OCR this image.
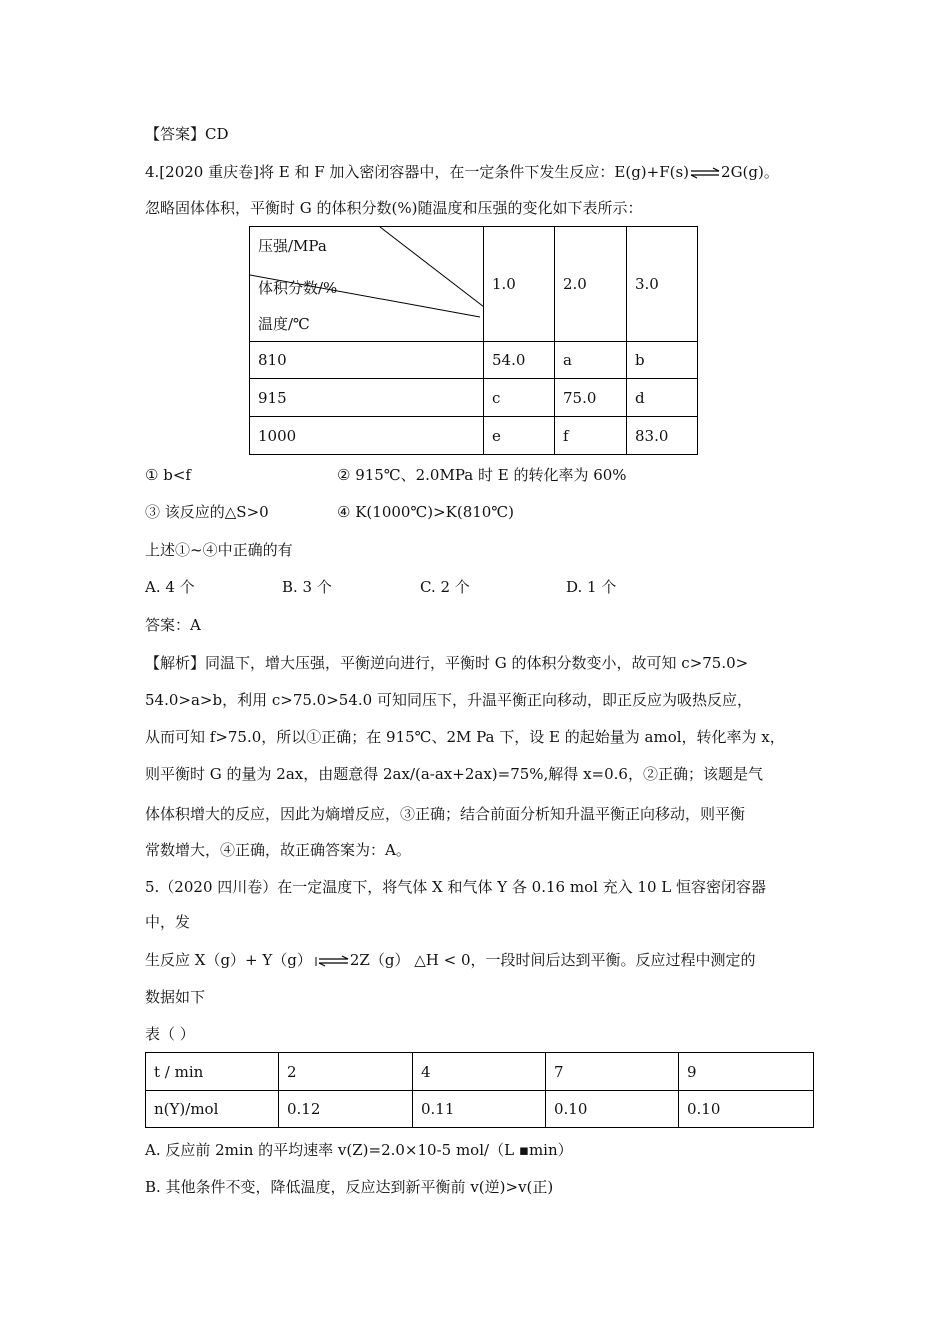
【答案】CD
4.[2020 重庆卷]将 E 和 F 加入密闭容器中，在一定条件下发生反应：E(g)+F(s)⇌2G(g)。
忽略固体体积，平衡时 G 的体积分数(%)随温度和压强的变化如下表所示：
压强/MPa
体积分数/%
温度/℃	1.0	2.0	3.0
810	54.0	a	b
915	c	75.0	d
1000	e	f	83.0
① b<f	② 915℃、2.0MPa 时 E 的转化率为 60%
③ 该反应的△S>0	④ K(1000℃)>K(810℃)
上述①~④中正确的有
A. 4 个	B. 3 个	C. 2 个	D. 1 个
答案：A
【解析】同温下，增大压强，平衡逆向进行，平衡时 G 的体积分数变小，故可知 c>75.0>
54.0>a>b，利用 c>75.0>54.0 可知同压下，升温平衡正向移动，即正反应为吸热反应，
从而可知 f>75.0，所以①正确；在 915℃、2M Pa 下，设 E 的起始量为 amol，转化率为 x，
则平衡时 G 的量为 2ax，由题意得 2ax/(a-ax+2ax)=75%,解得 x=0.6，②正确；该题是气
体体积增大的反应，因此为熵增反应，③正确；结合前面分析知升温平衡正向移动，则平衡
常数增大，④正确，故正确答案为：A。
5.（2020 四川卷）在一定温度下，将气体 X 和气体 Y 各 0.16 mol 充入 10 L 恒容密闭容器
中，发
生反应 X（g）+ Y（g）⇌2Z（g） △H < 0，一段时间后达到平衡。反应过程中测定的
数据如下
表（ ）
t / min	2	4	7	9
n(Y)/mol	0.12	0.11	0.10	0.10
A. 反应前 2min 的平均速率 v(Z)=2.0×10-5 mol/（L ▪min）
B. 其他条件不变，降低温度，反应达到新平衡前 v(逆)>v(正)
